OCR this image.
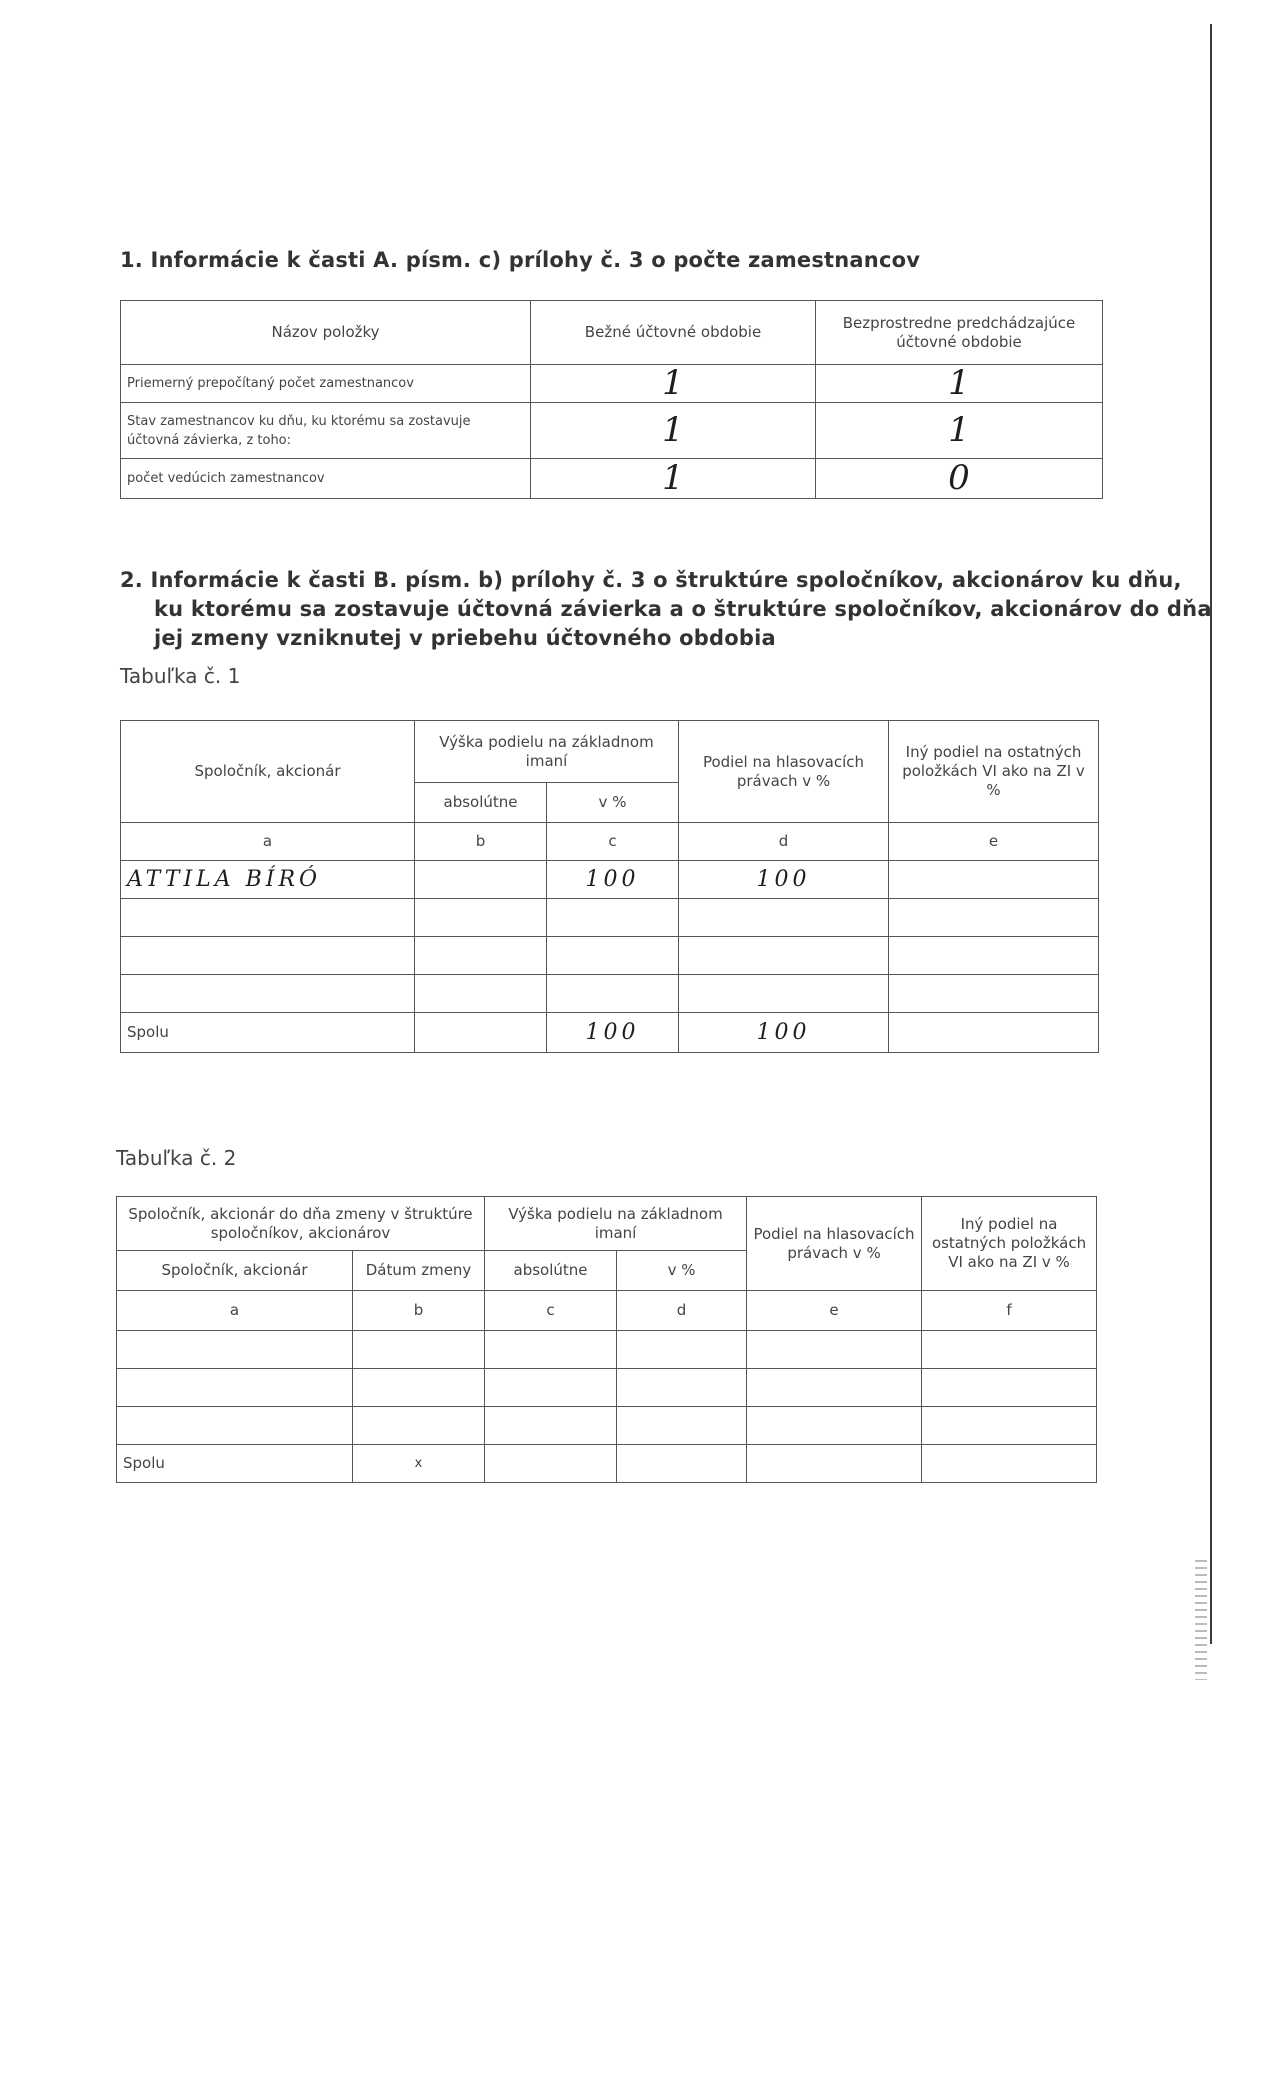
1. Informácie k časti A. písm. c) prílohy č. 3 o počte zamestnancov
Názov položky	Bežné účtovné obdobie	Bezprostredne predchádzajúce účtovné obdobie
Priemerný prepočítaný počet zamestnancov	1	1
Stav zamestnancov ku dňu, ku ktorému sa zostavuje účtovná závierka, z toho:	1	1
počet vedúcich zamestnancov	1	0
2. Informácie k časti B. písm. b) prílohy č. 3 o štruktúre spoločníkov, akcionárov ku dňu,
ku ktorému sa zostavuje účtovná závierka a o štruktúre spoločníkov, akcionárov do dňa
jej zmeny vzniknutej v priebehu účtovného obdobia
Tabuľka č. 1
Spoločník, akcionár	Výška podielu na základnom imaní		Podiel na hlasovacích právach v %	Iný podiel na ostatných položkách VI ako na ZI v %
	absolútne	v %		
a	b	c	d	e
ATTILA BÍRÓ		100	100	

Spolu		100	100	
Tabuľka č. 2
Spoločník, akcionár do dňa zmeny v štruktúre spoločníkov, akcionárov		Výška podielu na základnom imaní		Podiel na hlasovacích právach v %	Iný podiel na ostatných položkách VI ako na ZI v %
Spoločník, akcionár	Dátum zmeny	absolútne	v %		
a	b	c	d	e	f

Spolu	x				
